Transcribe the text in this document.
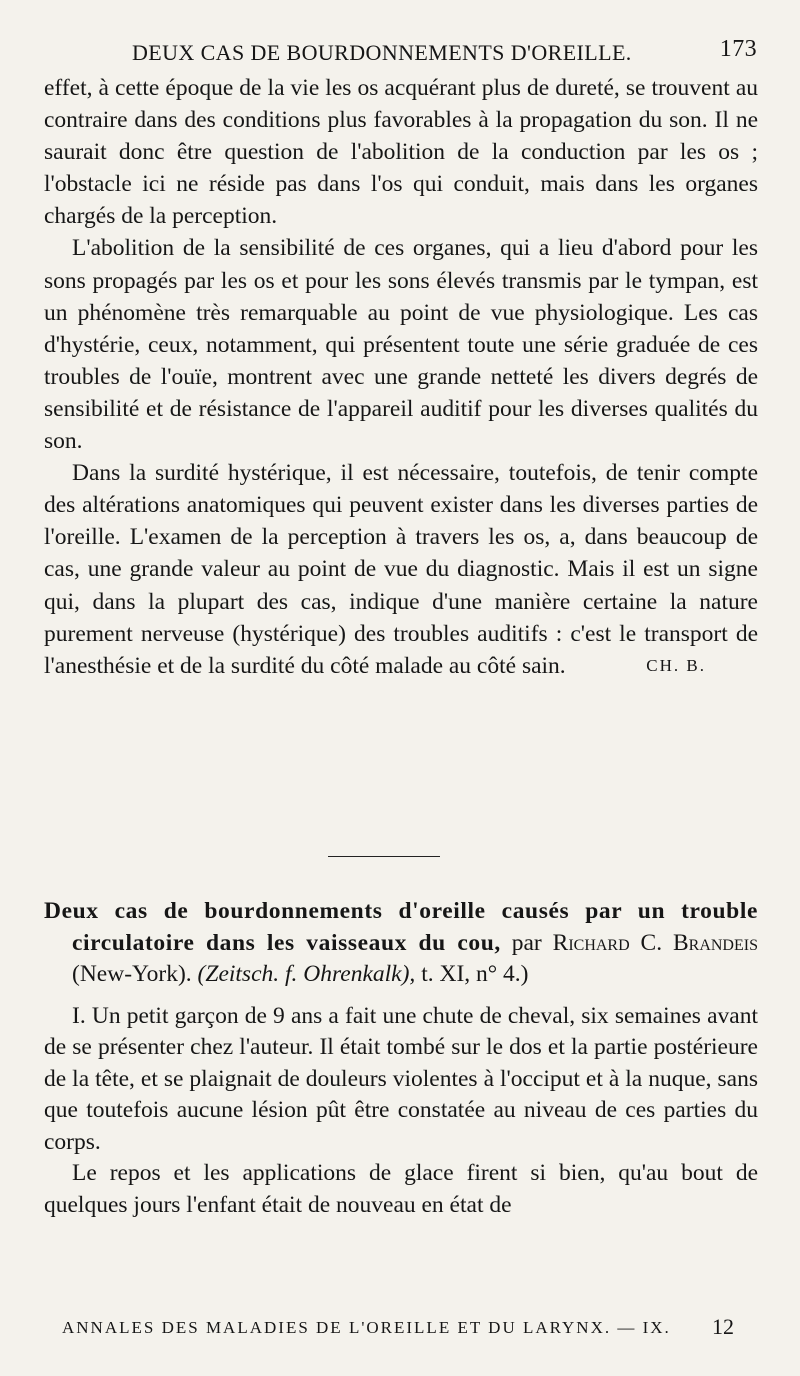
DEUX CAS DE BOURDONNEMENTS D'OREILLE.	173

effet, à cette époque de la vie les os acquérant plus de dureté, se trouvent au contraire dans des conditions plus favorables à la propagation du son. Il ne saurait donc être question de l'abolition de la conduction par les os ; l'obstacle ici ne réside pas dans l'os qui conduit, mais dans les organes chargés de la perception.

L'abolition de la sensibilité de ces organes, qui a lieu d'abord pour les sons propagés par les os et pour les sons élevés transmis par le tympan, est un phénomène très remarquable au point de vue physiologique. Les cas d'hystérie, ceux, notamment, qui présentent toute une série graduée de ces troubles de l'ouïe, montrent avec une grande netteté les divers degrés de sensibilité et de résistance de l'appareil auditif pour les diverses qualités du son.

Dans la surdité hystérique, il est nécessaire, toutefois, de tenir compte des altérations anatomiques qui peuvent exister dans les diverses parties de l'oreille. L'examen de la perception à travers les os, a, dans beaucoup de cas, une grande valeur au point de vue du diagnostic. Mais il est un signe qui, dans la plupart des cas, indique d'une manière certaine la nature purement nerveuse (hystérique) des troubles auditifs : c'est le transport de l'anesthésie et de la surdité du côté malade au côté sain.	CH. B.

Deux cas de bourdonnements d'oreille causés par un trouble circulatoire dans les vaisseaux du cou, par Richard C. Brandeis (New-York). (Zeitsch. f. Ohrenkalk), t. XI, n° 4.)

I. Un petit garçon de 9 ans a fait une chute de cheval, six semaines avant de se présenter chez l'auteur. Il était tombé sur le dos et la partie postérieure de la tête, et se plaignait de douleurs violentes à l'occiput et à la nuque, sans que toutefois aucune lésion pût être constatée au niveau de ces parties du corps.

Le repos et les applications de glace firent si bien, qu'au bout de quelques jours l'enfant était de nouveau en état de

ANNALES DES MALADIES DE L'OREILLE ET DU LARYNX. — IX. 12
